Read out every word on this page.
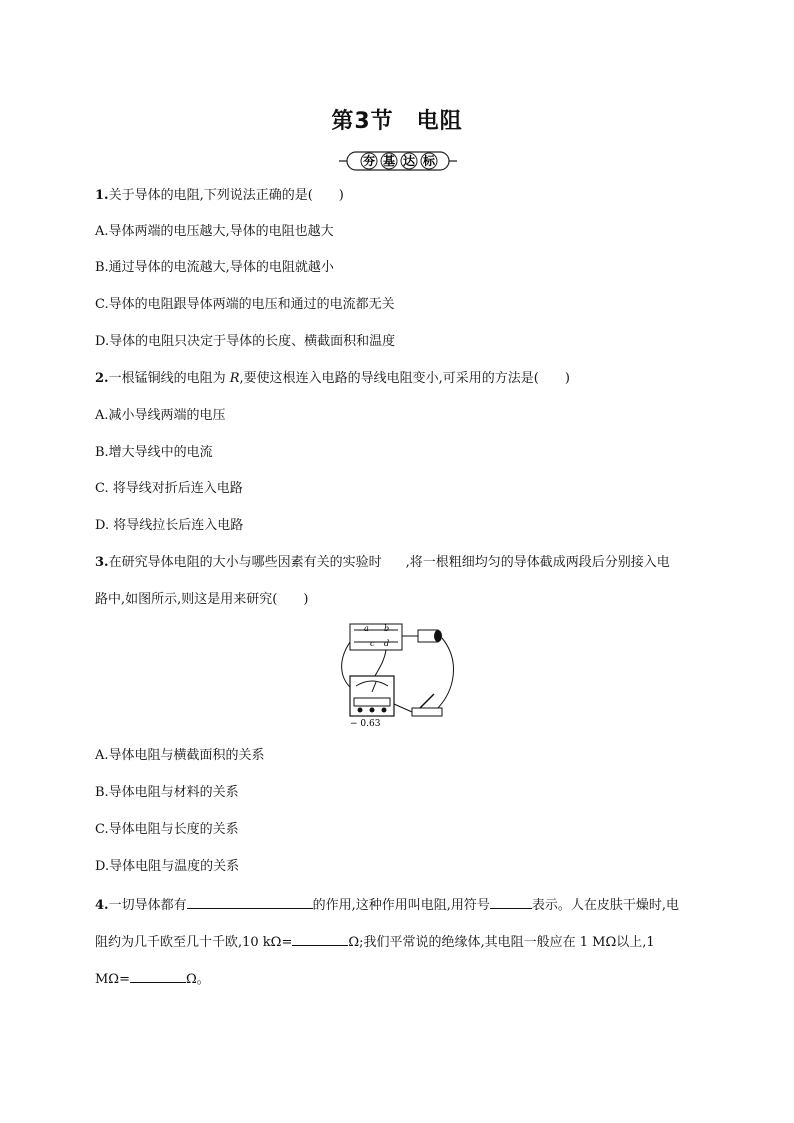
第3节　电阻
夯 基 达 标
1.关于导体的电阻,下列说法正确的是( )
A.导体两端的电压越大,导体的电阻也越大
B.通过导体的电流越大,导体的电阻就越小
C.导体的电阻跟导体两端的电压和通过的电流都无关
D.导体的电阻只决定于导体的长度、横截面积和温度
2.一根锰铜线的电阻为 R,要使这根连入电路的导线电阻变小,可采用的方法是( )
A.减小导线两端的电压
B.增大导线中的电流
C. 将导线对折后连入电路
D. 将导线拉长后连入电路
3.在研究导体电阻的大小与哪些因素有关的实验时 ,将一根粗细均匀的导体截成两段后分别接入电
路中,如图所示,则这是用来研究( )
a b
c d
− 0.63
A.导体电阻与横截面积的关系
B.导体电阻与材料的关系
C.导体电阻与长度的关系
D.导体电阻与温度的关系
4.一切导体都有	的作用,这种作用叫电阻,用符号	表示。人在皮肤干燥时,电
阻约为几千欧至几十千欧,10 kΩ=	Ω;我们平常说的绝缘体,其电阻一般应在 1 MΩ以上,1
MΩ=	Ω。
